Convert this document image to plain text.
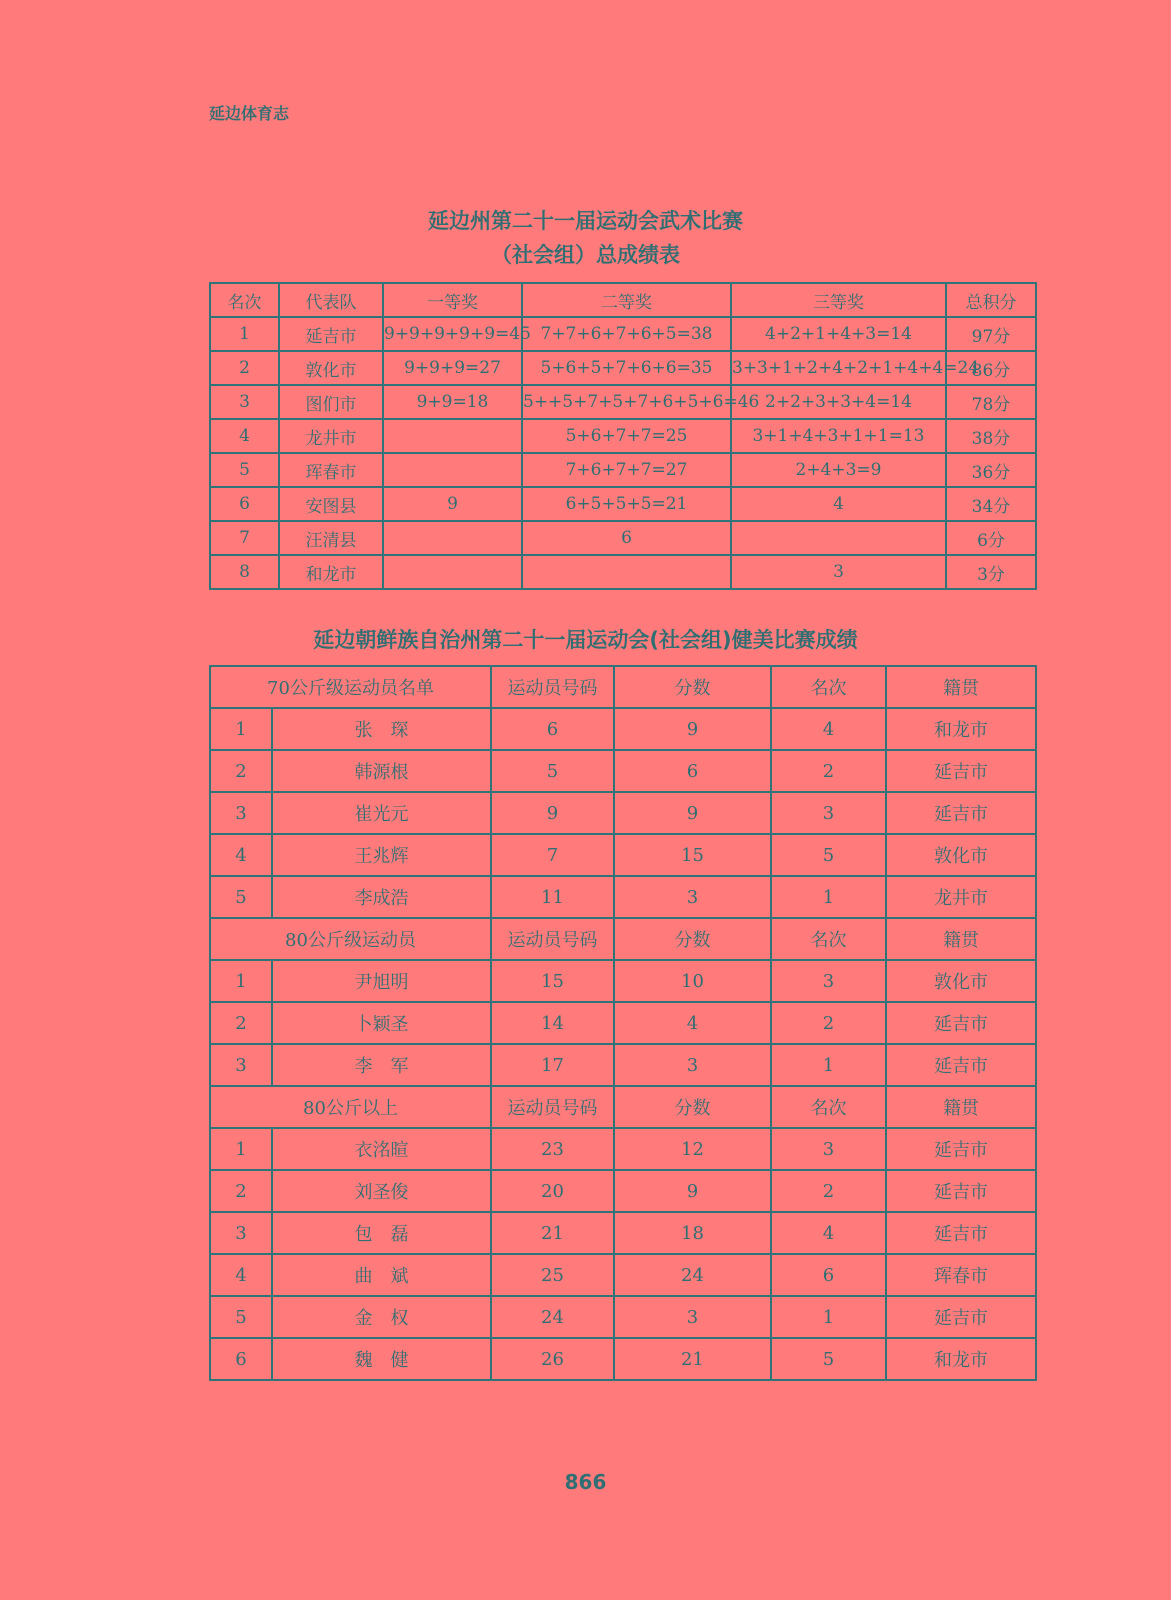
延边体育志
延边州第二十一届运动会武术比赛
（社会组）总成绩表
名次	代表队	一等奖	二等奖	三等奖	总积分
1	延吉市	9+9+9+9+9=45	7+7+6+7+6+5=38	4+2+1+4+3=14	97分
2	敦化市	9+9+9=27	5+6+5+7+6+6=35	3+3+1+2+4+2+1+4+4=24	86分
3	图们市	9+9=18	5++5+7+5+7+6+5+6=46	2+2+3+3+4=14	78分
4	龙井市		5+6+7+7=25	3+1+4+3+1+1=13	38分
5	珲春市		7+6+7+7=27	2+4+3=9	36分
6	安图县	9	6+5+5+5=21	4	34分
7	汪清县		6		6分
8	和龙市			3	3分
延边朝鲜族自治州第二十一届运动会(社会组)健美比赛成绩
70公斤级运动员名单		运动员号码	分数	名次	籍贯
1	张　琛	6	9	4	和龙市
2	韩源根	5	6	2	延吉市
3	崔光元	9	9	3	延吉市
4	王兆辉	7	15	5	敦化市
5	李成浩	11	3	1	龙井市
80公斤级运动员		运动员号码	分数	名次	籍贯
1	尹旭明	15	10	3	敦化市
2	卜颖圣	14	4	2	延吉市
3	李　军	17	3	1	延吉市
80公斤以上		运动员号码	分数	名次	籍贯
1	衣洺暄	23	12	3	延吉市
2	刘圣俊	20	9	2	延吉市
3	包　磊	21	18	4	延吉市
4	曲　斌	25	24	6	珲春市
5	金　权	24	3	1	延吉市
6	魏　健	26	21	5	和龙市
866
